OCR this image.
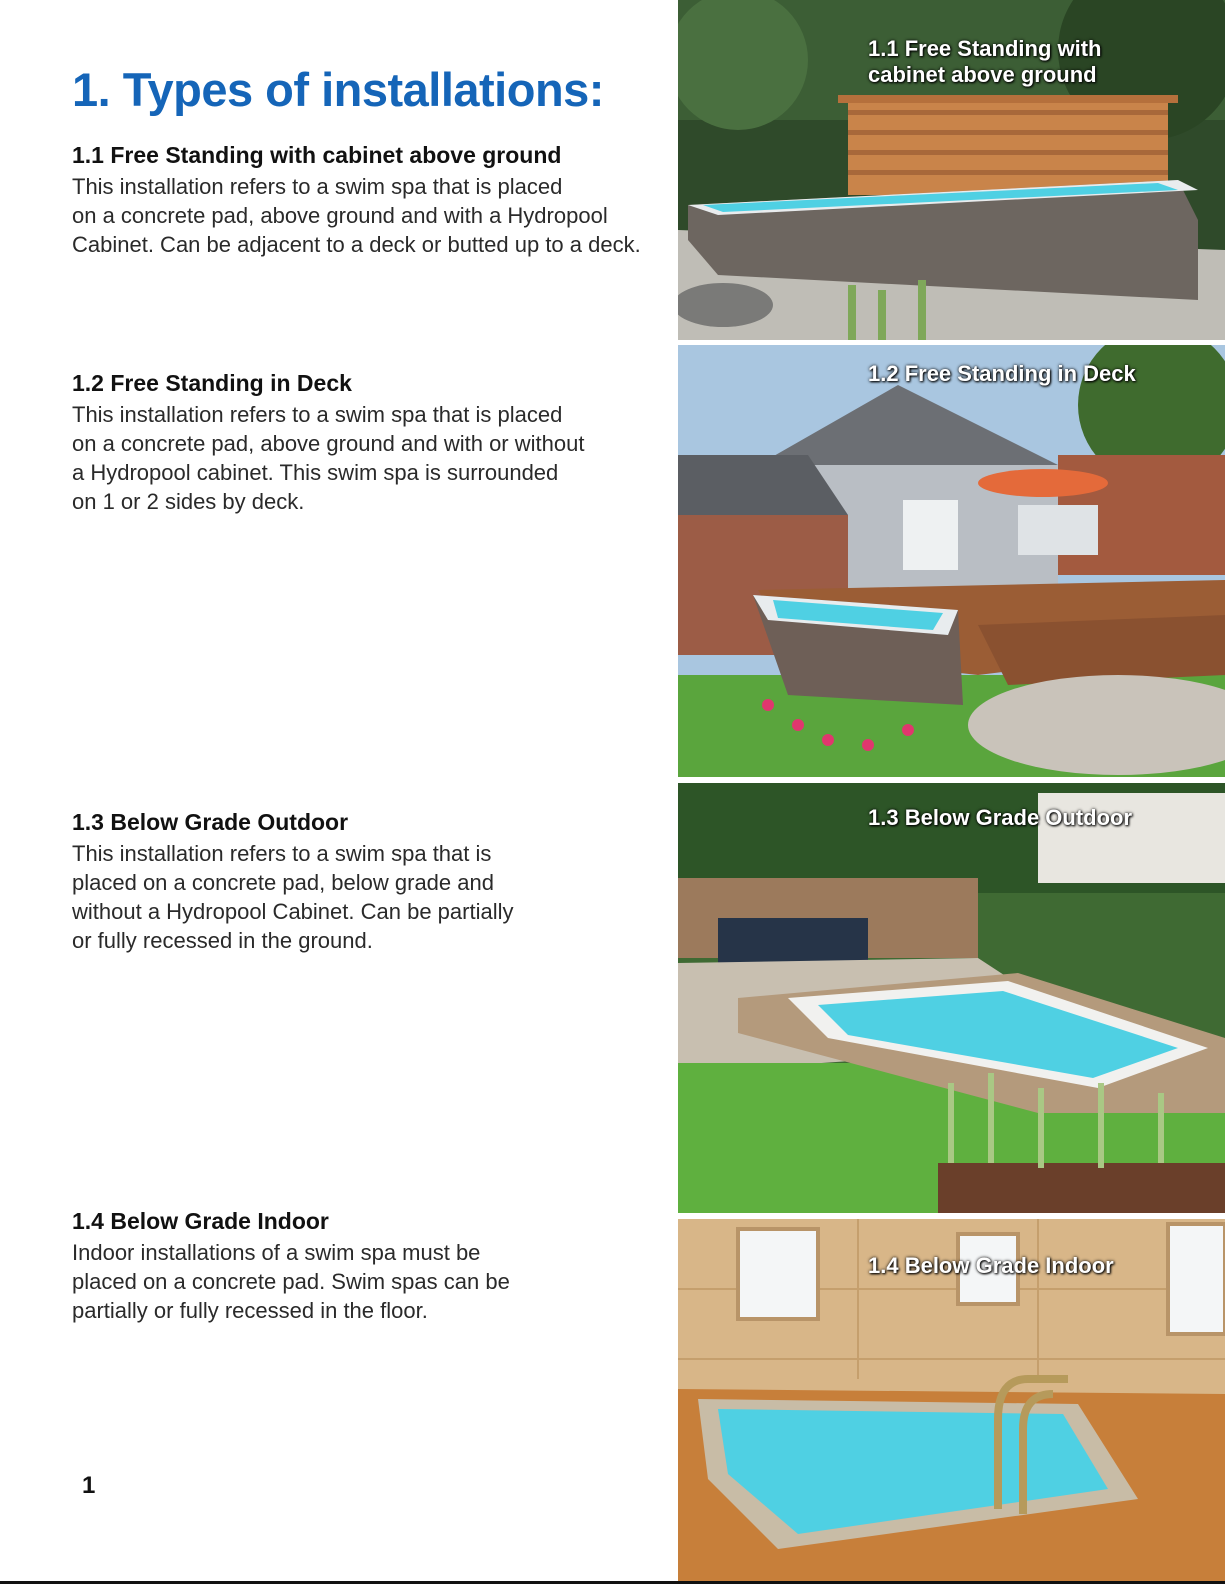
1. Types of installations:
1.1 Free Standing with cabinet above ground

This installation refers to a swim spa that is placed
on a concrete pad, above ground and with a Hydropool
Cabinet. Can be adjacent to a deck or butted up to a deck.

1.2 Free Standing in Deck

This installation refers to a swim spa that is placed
on a concrete pad, above ground and with or without
a Hydropool cabinet. This swim spa is surrounded
on 1 or 2 sides by deck.

1.3 Below Grade Outdoor

This installation refers to a swim spa that is
placed on a concrete pad, below grade and
without a Hydropool Cabinet. Can be partially
or fully recessed in the ground.

1.4 Below Grade Indoor

Indoor installations of a swim spa must be
placed on a concrete pad. Swim spas can be
partially or fully recessed in the floor.

1.1 Free Standing with
cabinet above ground
1.2 Free Standing in Deck
1.3 Below Grade Outdoor
1.4 Below Grade Indoor
1
